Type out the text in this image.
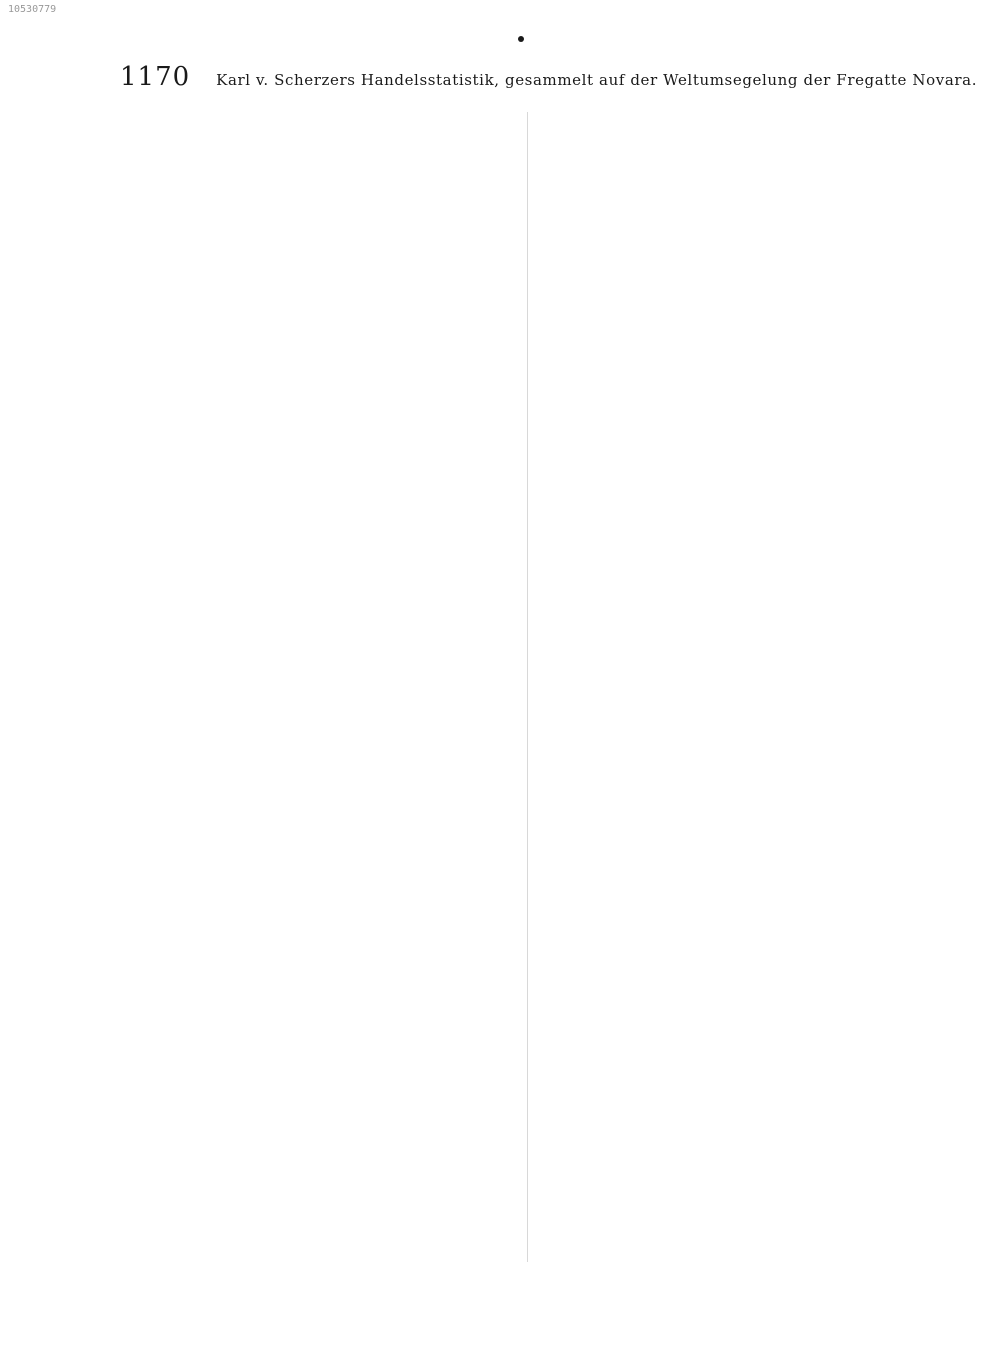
10530779
1170 Karl v. Scherzers Handelsstatistik, gesammelt auf der Weltumsegelung der Fregatte Novara.
